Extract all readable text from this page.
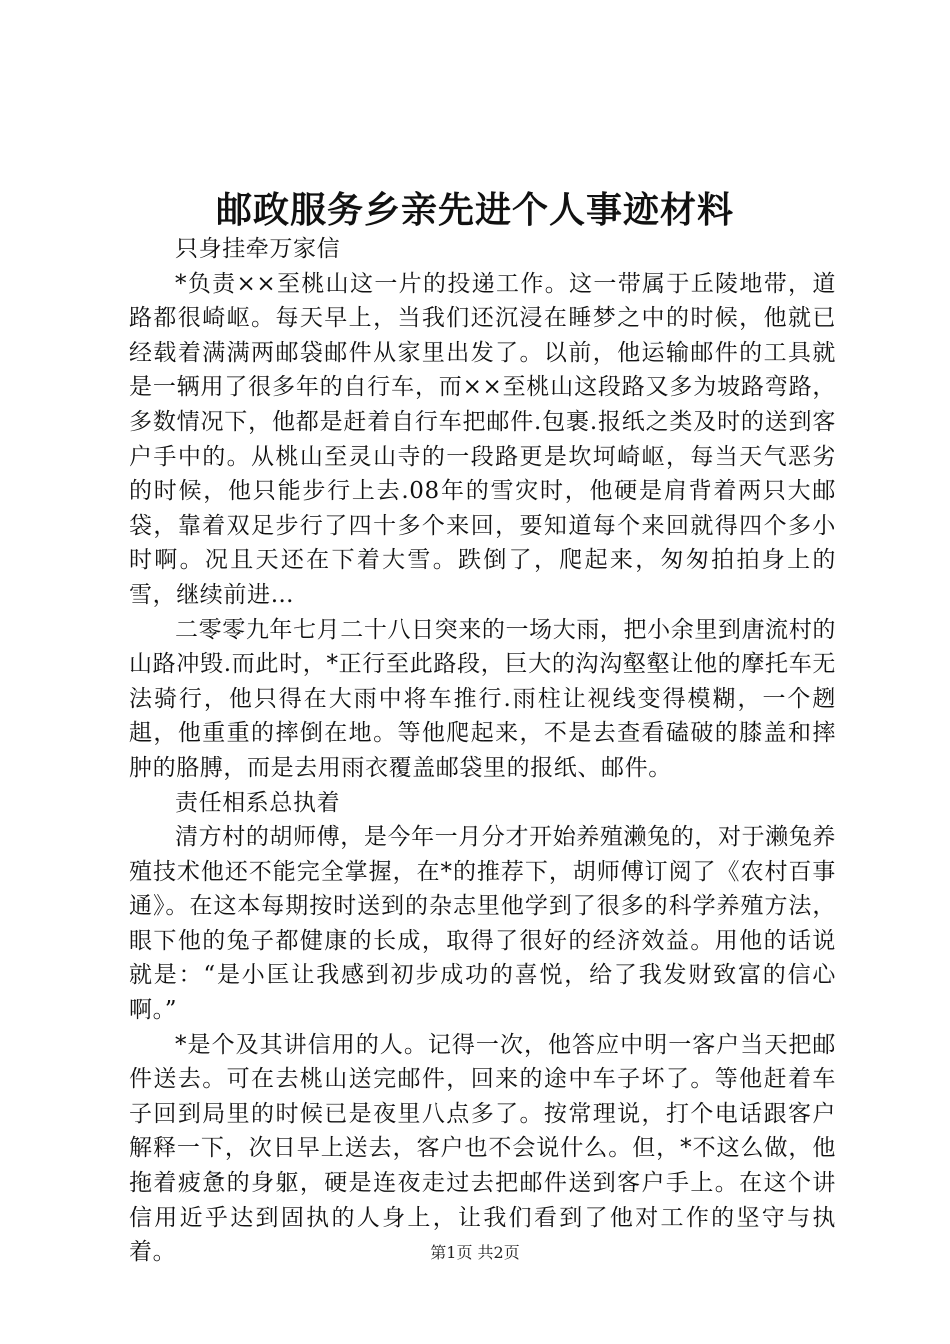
邮政服务乡亲先进个人事迹材料

只身挂牵万家信

*负责××至桃山这一片的投递工作。这一带属于丘陵地带，道路都很崎岖。每天早上，当我们还沉浸在睡梦之中的时候，他就已经载着满满两邮袋邮件从家里出发了。以前，他运输邮件的工具就是一辆用了很多年的自行车，而××至桃山这段路又多为坡路弯路，多数情况下，他都是赶着自行车把邮件.包裹.报纸之类及时的送到客户手中的。从桃山至灵山寺的一段路更是坎坷崎岖，每当天气恶劣的时候，他只能步行上去.08年的雪灾时，他硬是肩背着两只大邮袋，靠着双足步行了四十多个来回，要知道每个来回就得四个多小时啊。况且天还在下着大雪。跌倒了，爬起来，匆匆拍拍身上的雪，继续前进…

二零零九年七月二十八日突来的一场大雨，把小余里到唐流村的山路冲毁.而此时，*正行至此路段，巨大的沟沟壑壑让他的摩托车无法骑行，他只得在大雨中将车推行.雨柱让视线变得模糊，一个趔趄，他重重的摔倒在地。等他爬起来，不是去查看磕破的膝盖和摔肿的胳膊，而是去用雨衣覆盖邮袋里的报纸、邮件。

责任相系总执着

清方村的胡师傅，是今年一月分才开始养殖濑兔的，对于濑兔养殖技术他还不能完全掌握，在*的推荐下，胡师傅订阅了《农村百事通》。在这本每期按时送到的杂志里他学到了很多的科学养殖方法，眼下他的兔子都健康的长成，取得了很好的经济效益。用他的话说就是：“是小匡让我感到初步成功的喜悦，给了我发财致富的信心啊。”

*是个及其讲信用的人。记得一次，他答应中明一客户当天把邮件送去。可在去桃山送完邮件，回来的途中车子坏了。等他赶着车子回到局里的时候已是夜里八点多了。按常理说，打个电话跟客户解释一下，次日早上送去，客户也不会说什么。但，*不这么做，他拖着疲惫的身躯，硬是连夜走过去把邮件送到客户手上。在这个讲信用近乎达到固执的人身上，让我们看到了他对工作的坚守与执着。	第1页 共2页
